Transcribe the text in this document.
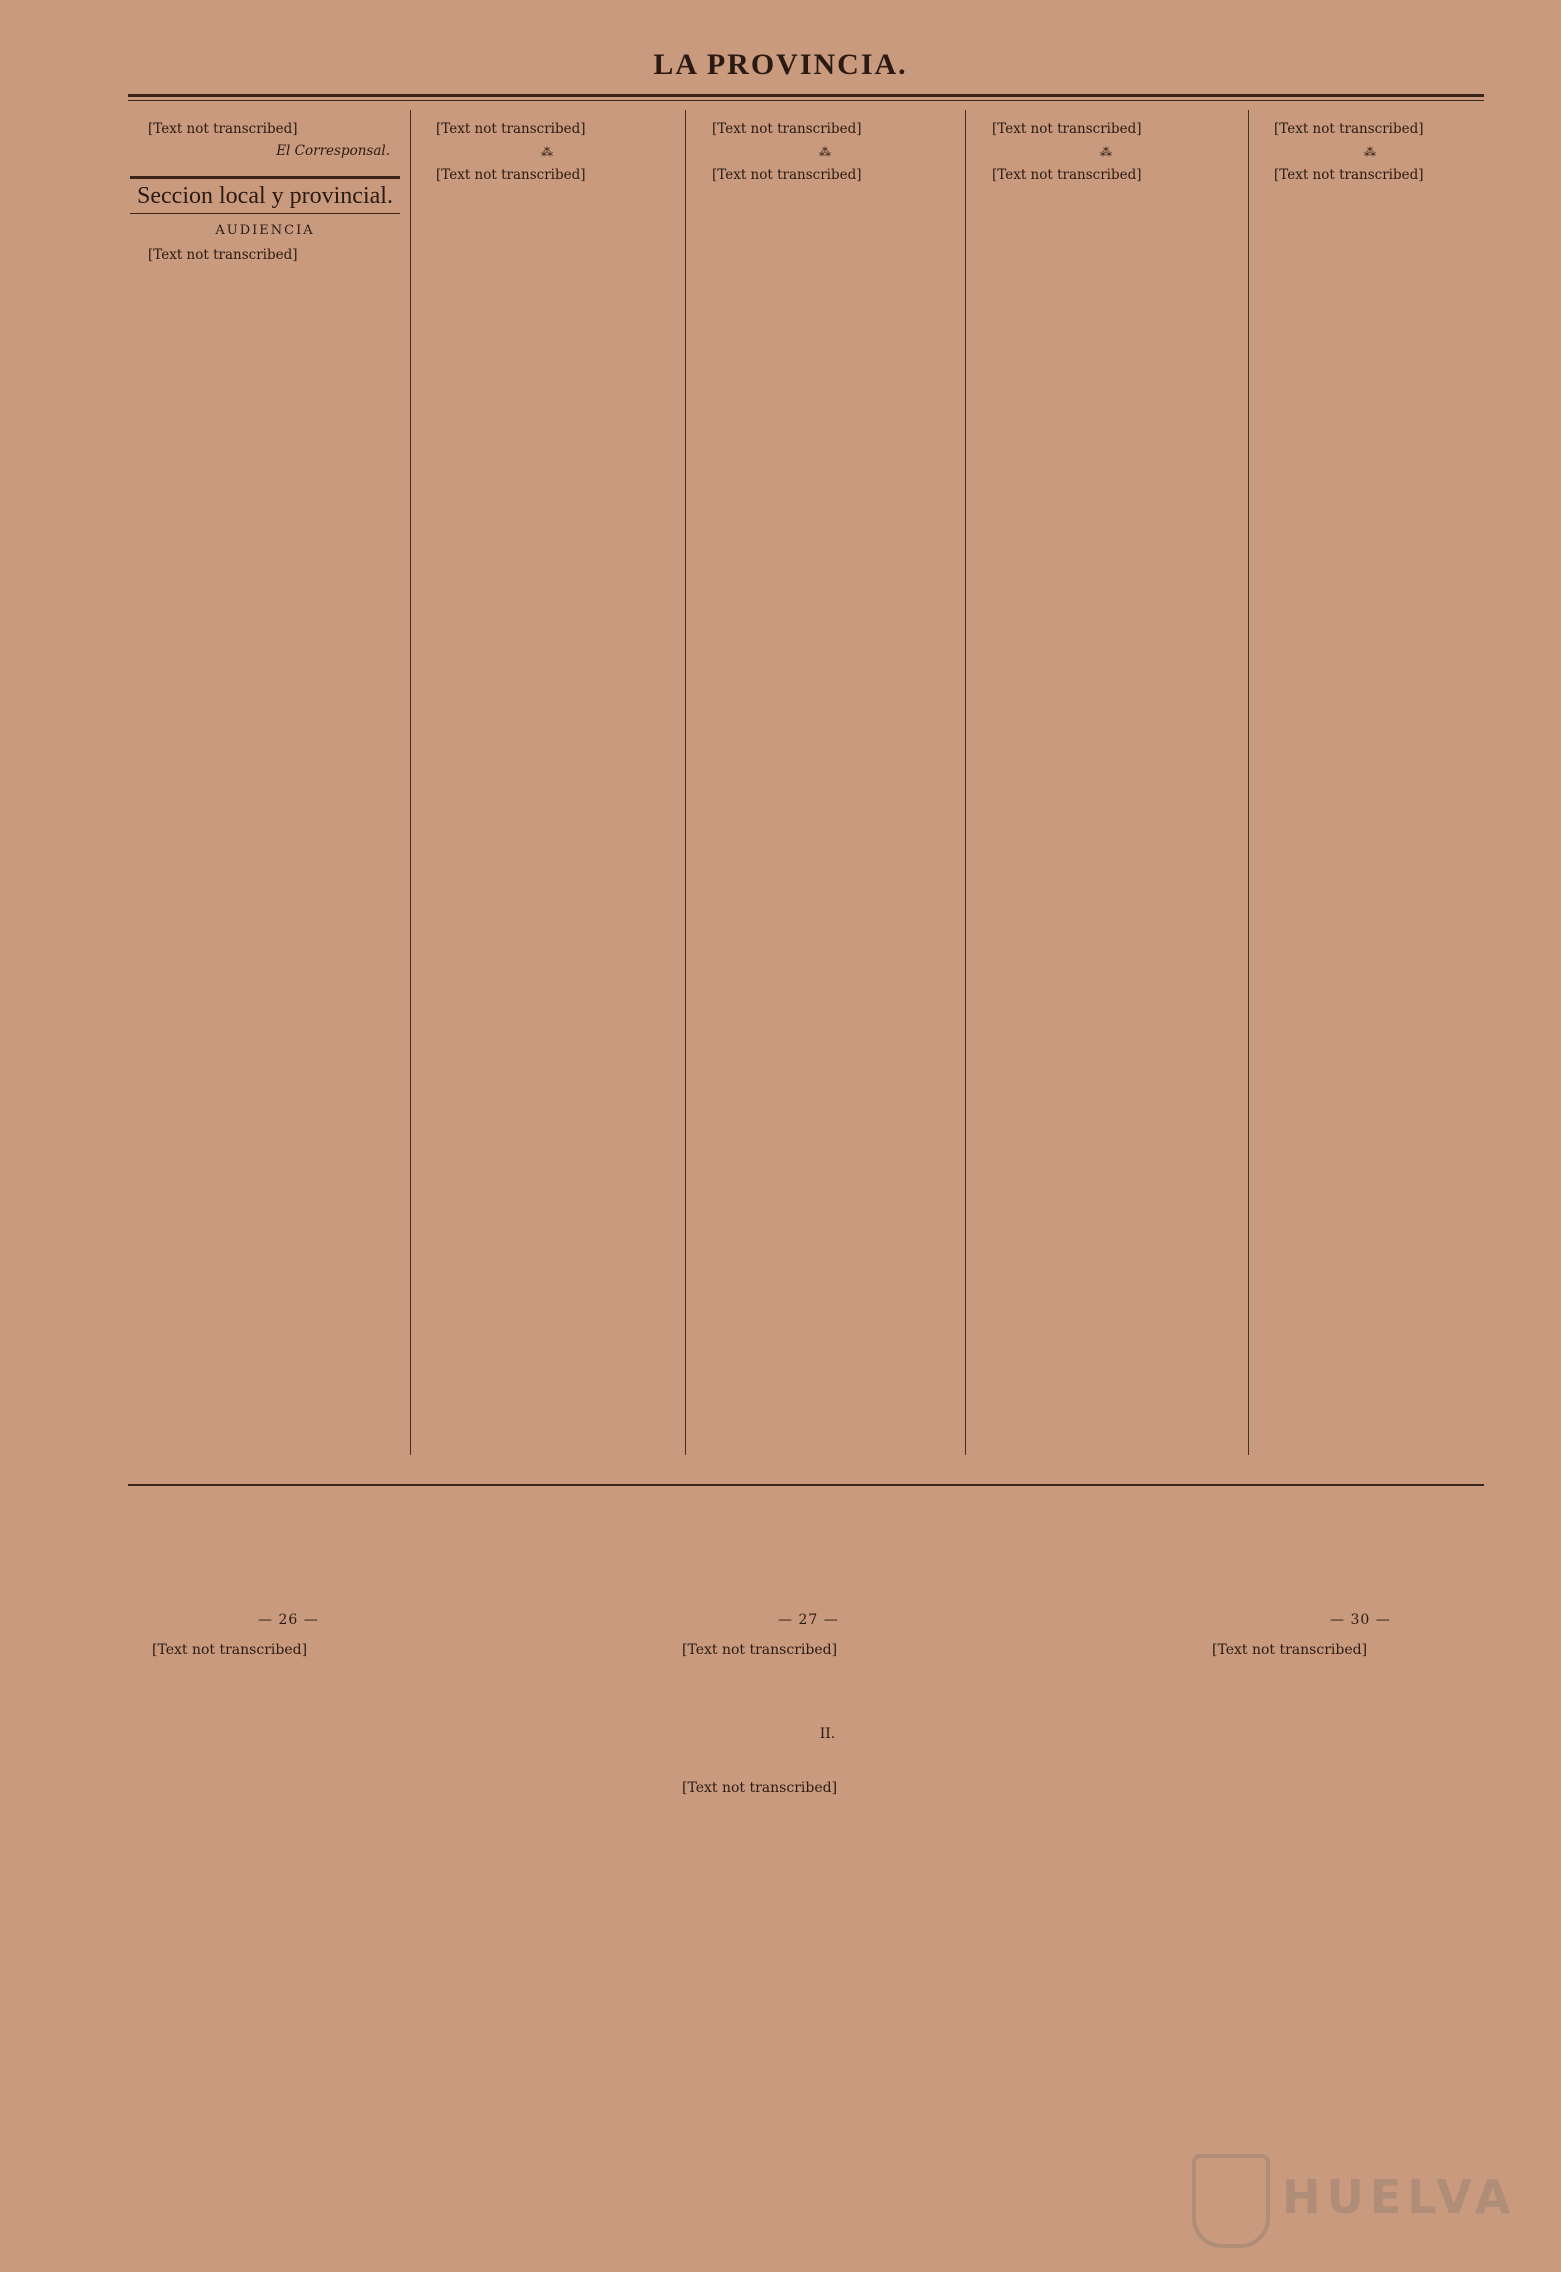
LA PROVINCIA.

[Text not transcribed]

El Corresponsal.
Seccion local y provincial.
AUDIENCIA

[Text not transcribed]

[Text not transcribed]

⁂

[Text not transcribed]

[Text not transcribed]

⁂

[Text not transcribed]

[Text not transcribed]

⁂

[Text not transcribed]

[Text not transcribed]

⁂

[Text not transcribed]

— 26 —	— 27 —	— 30 —

[Text not transcribed]	[Text not transcribed]

II.

[Text not transcribed]

[Text not transcribed]

HUELVA
